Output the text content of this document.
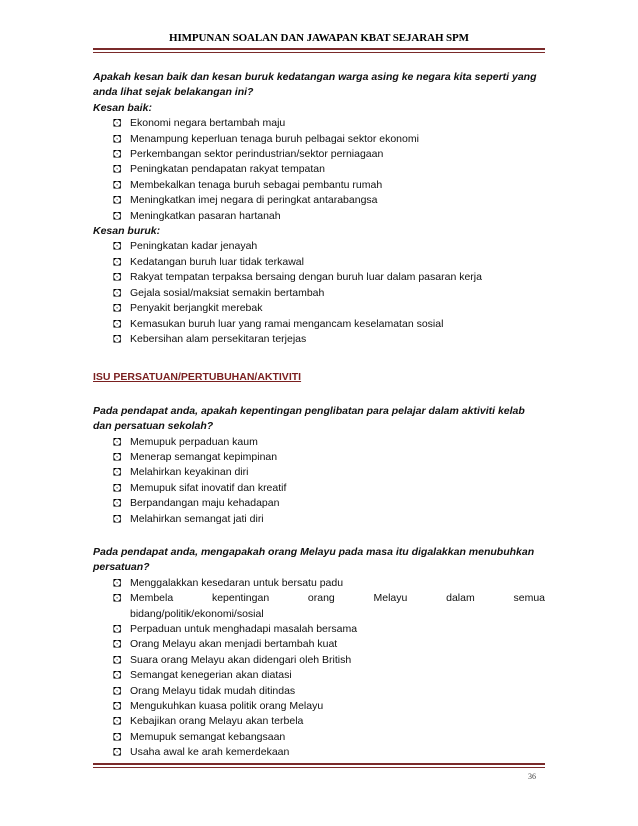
HIMPUNAN SOALAN DAN JAWAPAN KBAT SEJARAH SPM

Apakah kesan baik dan kesan buruk kedatangan warga asing ke negara kita seperti yang anda lihat sejak belakangan ini?

Kesan baik:

🖸 Ekonomi negara bertambah maju
🖸 Menampung keperluan tenaga buruh pelbagai sektor ekonomi
🖸 Perkembangan sektor perindustrian/sektor perniagaan
🖸 Peningkatan pendapatan rakyat tempatan
🖸 Membekalkan tenaga buruh sebagai pembantu rumah
🖸 Meningkatkan imej negara di peringkat antarabangsa
🖸 Meningkatkan pasaran hartanah

Kesan buruk:

🖸 Peningkatan kadar jenayah
🖸 Kedatangan buruh luar tidak terkawal
🖸 Rakyat tempatan terpaksa bersaing dengan buruh luar dalam pasaran kerja
🖸 Gejala sosial/maksiat semakin bertambah
🖸 Penyakit berjangkit merebak
🖸 Kemasukan buruh luar yang ramai mengancam keselamatan sosial
🖸 Kebersihan alam persekitaran terjejas

ISU PERSATUAN/PERTUBUHAN/AKTIVITI

Pada pendapat anda, apakah kepentingan penglibatan para pelajar dalam aktiviti kelab dan persatuan sekolah?

🖸 Memupuk perpaduan kaum
🖸 Menerap semangat kepimpinan
🖸 Melahirkan keyakinan diri
🖸 Memupuk sifat inovatif dan kreatif
🖸 Berpandangan maju kehadapan
🖸 Melahirkan semangat jati diri

Pada pendapat anda, mengapakah orang Melayu pada masa itu digalakkan menubuhkan persatuan?

🖸 Menggalakkan kesedaran untuk bersatu padu
🖸 Membela	kepentingan	orang	Melayu	dalam	semua
bidang/politik/ekonomi/sosial
🖸 Perpaduan untuk menghadapi masalah bersama
🖸 Orang Melayu akan menjadi bertambah kuat
🖸 Suara orang Melayu akan didengari oleh British
🖸 Semangat kenegerian akan diatasi
🖸 Orang Melayu tidak mudah ditindas
🖸 Mengukuhkan kuasa politik orang Melayu
🖸 Kebajikan orang Melayu akan terbela
🖸 Memupuk semangat kebangsaan
🖸 Usaha awal ke arah kemerdekaan
36
